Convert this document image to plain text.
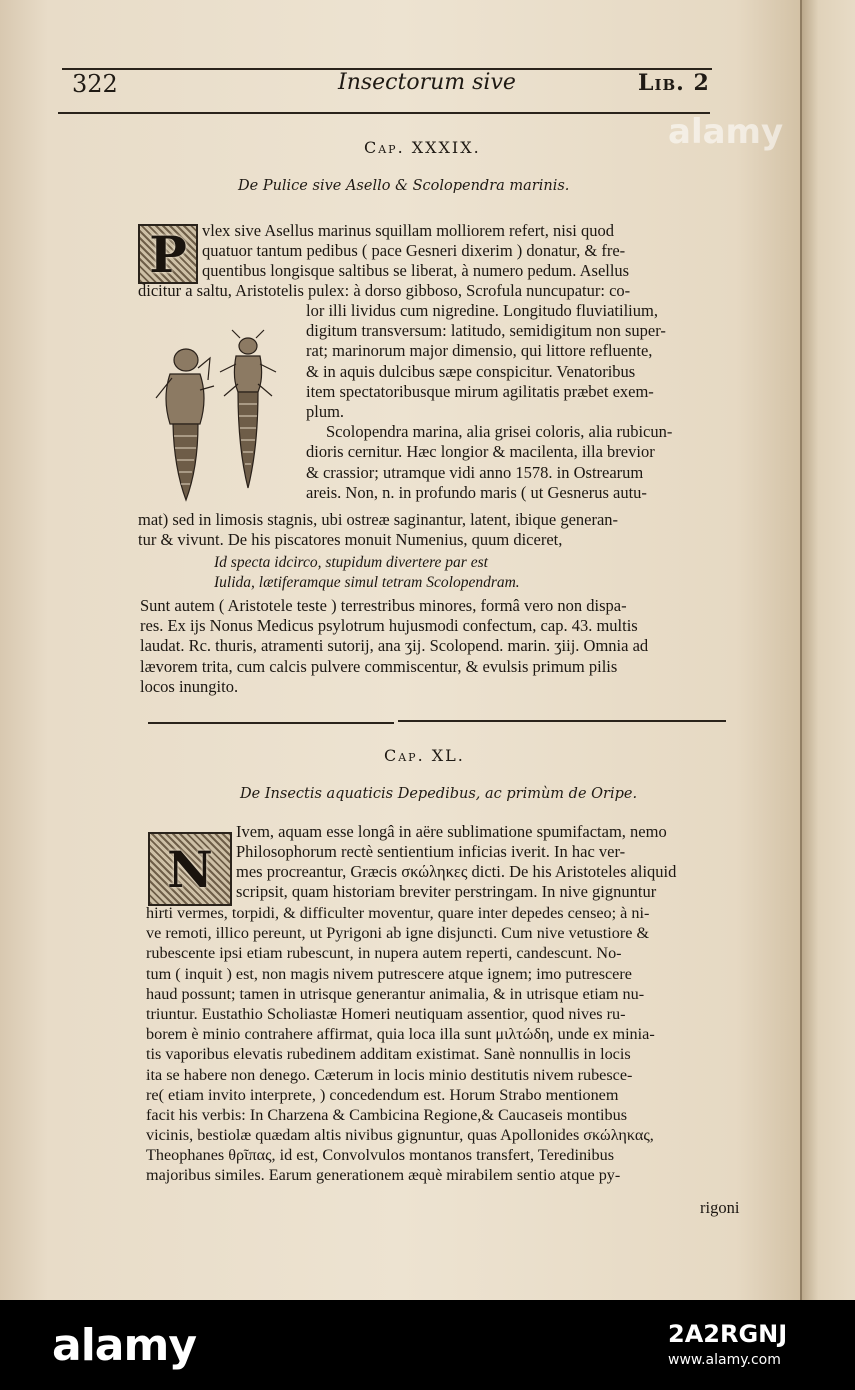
322	Insectorum sive	Lib. 2
Cap. XXXIX.
De Pulice sive Asello & Scolopendra marinis.
P vlex sive Asellus marinus squillam molliorem refert, nisi quod
quatuor tantum pedibus ( pace Gesneri dixerim ) donatur, & fre-
quentibus longisque saltibus se liberat, à numero pedum. Asellus
dicitur a saltu, Aristotelis pulex: à dorso gibboso, Scrofula nuncupatur: co-
lor illi lividus cum nigredine. Longitudo fluviatilium,
digitum transversum: latitudo, semidigitum non super-
rat; marinorum major dimensio, qui littore refluente,
& in aquis dulcibus sæpe conspicitur. Venatoribus
item spectatoribusque mirum agilitatis præbet exem-
plum.
Scolopendra marina, alia grisei coloris, alia rubicun-
dioris cernitur. Hæc longior & macilenta, illa brevior
& crassior; utramque vidi anno 1578. in Ostrearum
areis. Non, n. in profundo maris ( ut Gesnerus autu-
mat) sed in limosis stagnis, ubi ostreæ saginantur, latent, ibique generan-
tur & vivunt. De his piscatores monuit Numenius, quum diceret,
Id specta idcirco, stupidum divertere par est
Iulida, lætiferamque simul tetram Scolopendram.
Sunt autem ( Aristotele teste ) terrestribus minores, formâ vero non dispa-
res. Ex ijs Nonus Medicus psylotrum hujusmodi confectum, cap. 43. multis
laudat. Rc. thuris, atramenti sutorij, ana ʒij. Scolopend. marin. ʒiij. Omnia ad
lævorem trita, cum calcis pulvere commiscentur, & evulsis primum pilis
locos inungito.
Cap. XL.
De Insectis aquaticis Depedibus, ac primùm de Oripe.
N
Ivem, aquam esse longâ in aëre sublimatione spumifactam, nemo
Philosophorum rectè sentientium inficias iverit. In hac ver-
mes procreantur, Græcis σκώληκες dicti. De his Aristoteles aliquid
scripsit, quam historiam breviter perstringam. In nive gignuntur
hirti vermes, torpidi, & difficulter moventur, quare inter depedes censeo; à ni-
ve remoti, illico pereunt, ut Pyrigoni ab igne disjuncti. Cum nive vetustiore &
rubescente ipsi etiam rubescunt, in nupera autem reperti, candescunt. No-
tum ( inquit ) est, non magis nivem putrescere atque ignem; imo putrescere
haud possunt; tamen in utrisque generantur animalia, & in utrisque etiam nu-
triuntur. Eustathio Scholiastæ Homeri neutiquam assentior, quod nives ru-
borem è minio contrahere affirmat, quia loca illa sunt μιλτώδη, unde ex minia-
tis vaporibus elevatis rubedinem additam existimat. Sanè nonnullis in locis
ita se habere non denego. Cæterum in locis minio destitutis nivem rubesce-
re( etiam invito interprete, ) concedendum est. Horum Strabo mentionem
facit his verbis: In Charzena & Cambicina Regione,& Caucaseis montibus
vicinis, bestiolæ quædam altis nivibus gignuntur, quas Apollonides σκώληκας,
Theophanes θρῖπας, id est, Convolvulos montanos transfert, Teredinibus
majoribus similes. Earum generationem æquè mirabilem sentio atque py-
rigoni
alamy
alamy	2A2RGNJ
www.alamy.com
